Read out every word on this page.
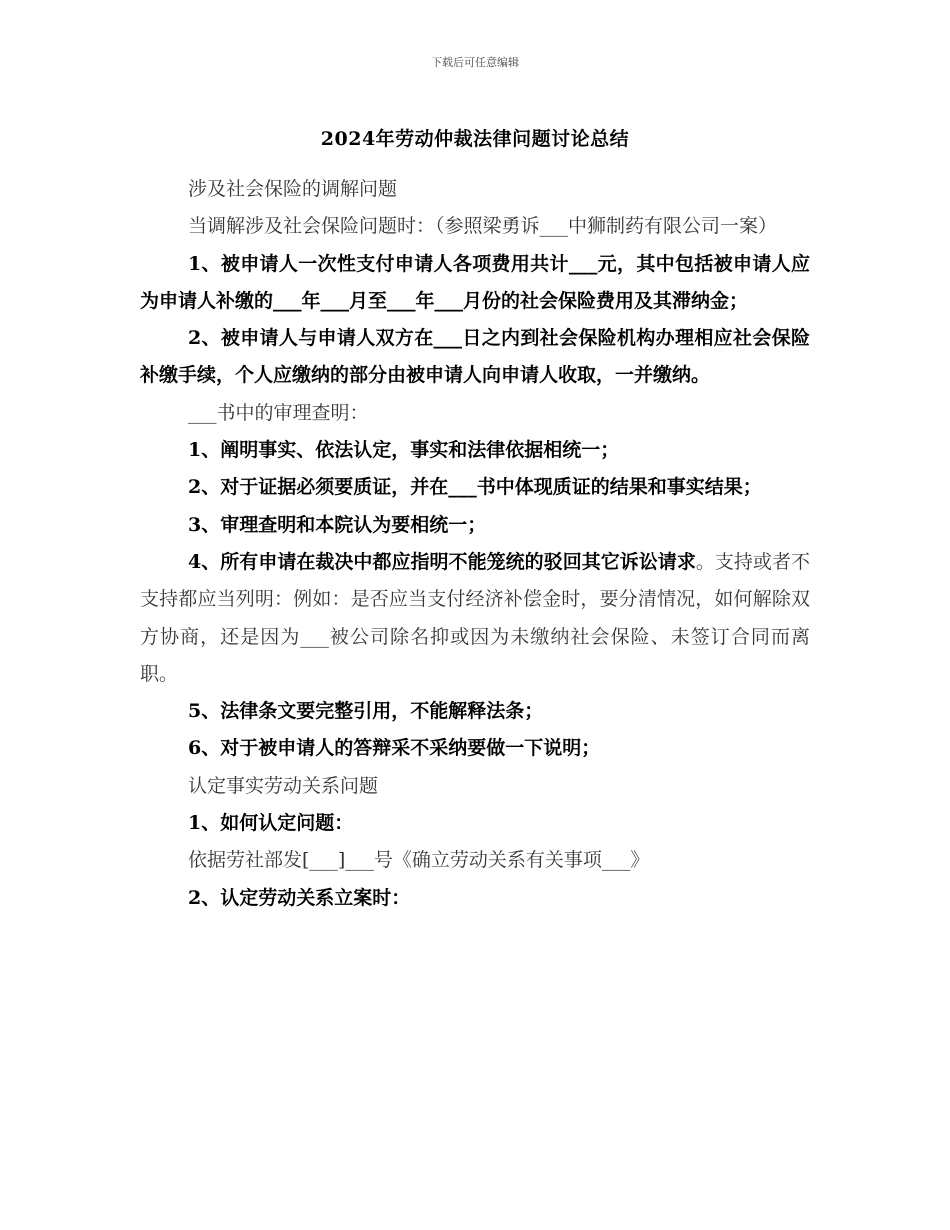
下载后可任意编辑
2024年劳动仲裁法律问题讨论总结

涉及社会保险的调解问题

当调解涉及社会保险问题时：（参照梁勇诉___中狮制药有限公司一案）

1、被申请人一次性支付申请人各项费用共计___元，其中包括被申请人应为申请人补缴的___年___月至___年___月份的社会保险费用及其滞纳金；

2、被申请人与申请人双方在___日之内到社会保险机构办理相应社会保险补缴手续，个人应缴纳的部分由被申请人向申请人收取，一并缴纳。

___书中的审理查明：

1、阐明事实、依法认定，事实和法律依据相统一；

2、对于证据必须要质证，并在___书中体现质证的结果和事实结果；

3、审理查明和本院认为要相统一；

4、所有申请在裁决中都应指明不能笼统的驳回其它诉讼请求。支持或者不支持都应当列明：例如：是否应当支付经济补偿金时，要分清情况，如何解除双方协商，还是因为___被公司除名抑或因为未缴纳社会保险、未签订合同而离职。

5、法律条文要完整引用，不能解释法条；

6、对于被申请人的答辩采不采纳要做一下说明；

认定事实劳动关系问题

1、如何认定问题：

依据劳社部发[___]___号《确立劳动关系有关事项___》

2、认定劳动关系立案时：
